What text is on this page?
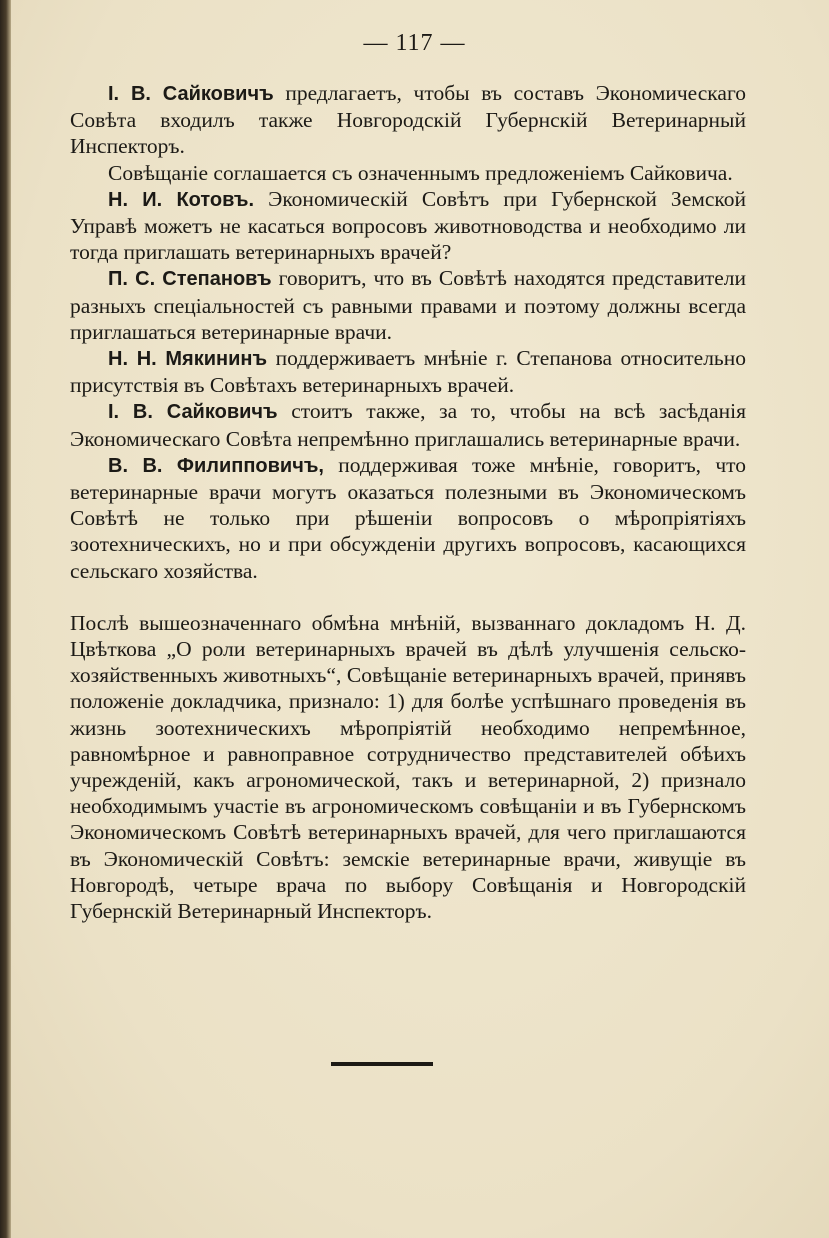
— 117 —

I. В. Сайковичъ предлагаетъ, чтобы въ составъ Экономическаго Совѣта входилъ также Новгородскій Губернскій Ветеринарный Инспекторъ.

Совѣщаніе соглашается съ означеннымъ предложеніемъ Сайковича.

Н. И. Котовъ. Экономическій Совѣтъ при Губернской Земской Управѣ можетъ не касаться вопросовъ животноводства и необходимо ли тогда приглашать ветеринарныхъ врачей?

П. С. Степановъ говоритъ, что въ Совѣтѣ находятся представители разныхъ спеціальностей съ равными правами и поэтому должны всегда приглашаться ветеринарные врачи.

Н. Н. Мякининъ поддерживаетъ мнѣніе г. Степанова относительно присутствія въ Совѣтахъ ветеринарныхъ врачей.

I. В. Сайковичъ стоитъ также, за то, чтобы на всѣ засѣданія Экономическаго Совѣта непремѣнно приглашались ветеринарные врачи.

В. В. Филипповичъ, поддерживая тоже мнѣніе, говоритъ, что ветеринарные врачи могутъ оказаться полезными въ Экономическомъ Совѣтѣ не только при рѣшеніи вопросовъ о мѣропріятіяхъ зоотехническихъ, но и при обсужденіи другихъ вопросовъ, касающихся сельскаго хозяйства.

Послѣ вышеозначеннаго обмѣна мнѣній, вызваннаго докладомъ Н. Д. Цвѣткова „О роли ветеринарныхъ врачей въ дѣлѣ улучшенія сельско-хозяйственныхъ животныхъ“, Совѣщаніе ветеринарныхъ врачей, принявъ положеніе докладчика, признало: 1) для болѣе успѣшнаго проведенія въ жизнь зоотехническихъ мѣропріятій необходимо непремѣнное, равномѣрное и равноправное сотрудничество представителей обѣихъ учрежденій, какъ агрономической, такъ и ветеринарной, 2) признало необходимымъ участіе въ агрономическомъ совѣщаніи и въ Губернскомъ Экономическомъ Совѣтѣ ветеринарныхъ врачей, для чего приглашаются въ Экономическій Совѣтъ: земскіе ветеринарные врачи, живущіе въ Новгородѣ, четыре врача по выбору Совѣщанія и Новгородскій Губернскій Ветеринарный Инспекторъ.
